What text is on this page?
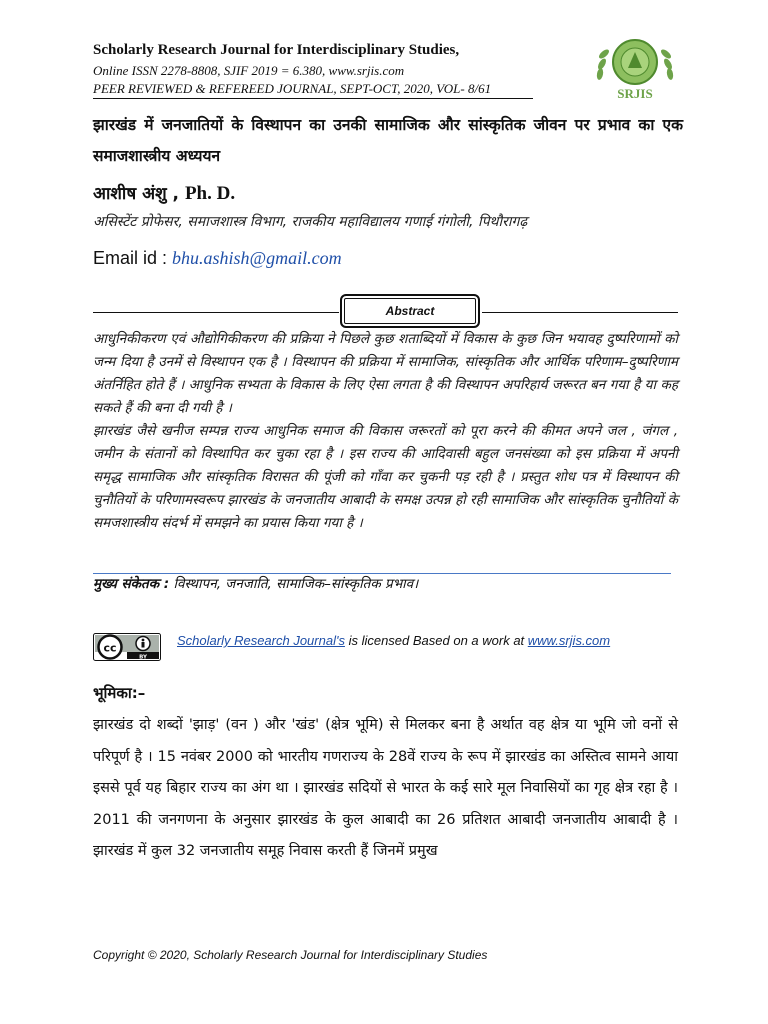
Scholarly Research Journal for Interdisciplinary Studies,
Online ISSN 2278-8808, SJIF 2019 = 6.380, www.srjis.com
PEER REVIEWED & REFEREED JOURNAL, SEPT-OCT, 2020, VOL- 8/61	SRJIS
झारखंड में जनजातियों के विस्थापन का उनकी सामाजिक और सांस्कृतिक जीवन पर प्रभाव का एक समाजशास्त्रीय अध्ययन
आशीष अंशु , Ph. D.
असिस्टेंट प्रोफेसर, समाजशास्त्र विभाग, राजकीय महाविद्यालय गणाई गंगोली, पिथौरागढ़
Email id : bhu.ashish@gmail.com
Abstract

आधुनिकीकरण एवं औद्योगिकीकरण की प्रक्रिया ने पिछले कुछ शताब्दियों में विकास के कुछ जिन भयावह दुष्परिणामों को जन्म दिया है उनमें से विस्थापन एक है । विस्थापन की प्रक्रिया में सामाजिक, सांस्कृतिक और आर्थिक परिणाम–दुष्परिणाम अंतर्निहित होते हैं । आधुनिक सभ्यता के विकास के लिए ऐसा लगता है की विस्थापन अपरिहार्य जरूरत बन गया है या कह सकते हैं की बना दी गयी है ।

झारखंड जैसे खनीज सम्पन्न राज्य आधुनिक समाज की विकास जरूरतों को पूरा करने की कीमत अपने जल , जंगल , जमीन के संतानों को विस्थापित कर चुका रहा है । इस राज्य की आदिवासी बहुल जनसंख्या को इस प्रक्रिया में अपनी समृद्ध सामाजिक और सांस्कृतिक विरासत की पूंजी को गाँवा कर चुकनी पड़ रही है । प्रस्तुत शोध पत्र में विस्थापन की चुनौतियों के परिणामस्वरूप झारखंड के जनजातीय आबादी के समक्ष उत्पन्न हो रही सामाजिक और सांस्कृतिक चुनौतियों के समजशास्त्रीय संदर्भ में समझने का प्रयास किया गया है ।

मुख्य संकेतक : विस्थापन, जनजाति, सामाजिक–सांस्कृतिक प्रभाव।
cc
BY
Scholarly Research Journal's is licensed Based on a work at www.srjis.com
भूमिका:–
झारखंड दो शब्दों 'झाड़' (वन ) और 'खंड' (क्षेत्र भूमि) से मिलकर बना है अर्थात वह क्षेत्र या भूमि जो वनों से परिपूर्ण है । 15 नवंबर 2000 को भारतीय गणराज्य के 28वें राज्य के रूप में झारखंड का अस्तित्व सामने आया इससे पूर्व यह बिहार राज्य का अंग था । झारखंड सदियों से भारत के कई सारे मूल निवासियों का गृह क्षेत्र रहा है । 2011 की जनगणना के अनुसार झारखंड के कुल आबादी का 26 प्रतिशत आबादी जनजातीय आबादी है । झारखंड में कुल 32 जनजातीय समूह निवास करती हैं जिनमें प्रमुख
Copyright © 2020, Scholarly Research Journal for Interdisciplinary Studies
